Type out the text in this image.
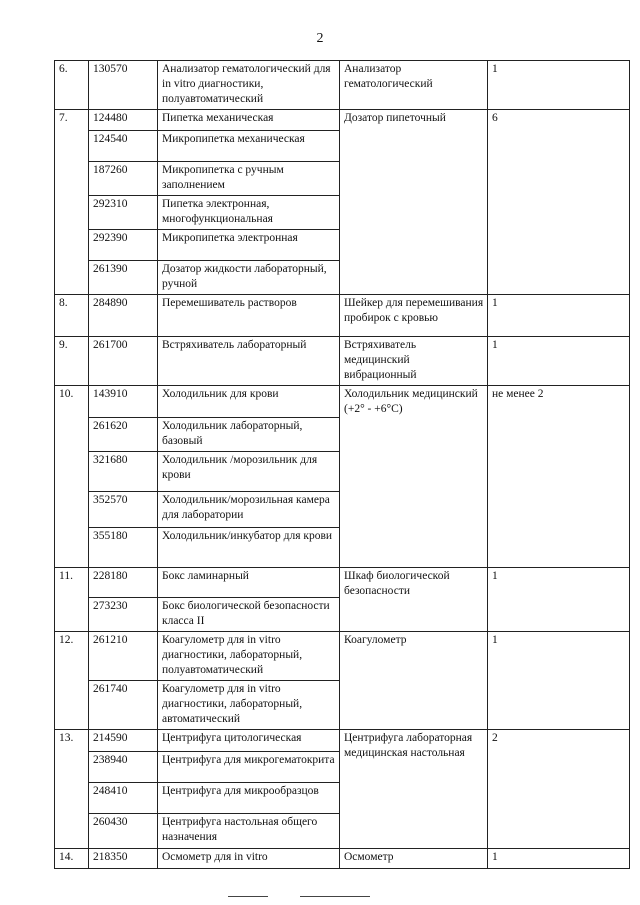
2
6.	130570	Анализатор гематологический для in vitro диагностики, полуавтоматический	Анализатор гематологический	1
7.	124480	Пипетка механическая	Дозатор пипеточный	6
	124540	Микропипетка механическая		
	187260	Микропипетка с ручным заполнением		
	292310	Пипетка электронная, многофункциональная		
	292390	Микропипетка электронная		
	261390	Дозатор жидкости лабораторный, ручной		
8.	284890	Перемешиватель растворов	Шейкер для перемешивания пробирок с кровью	1
9.	261700	Встряхиватель лабораторный	Встряхиватель медицинский вибрационный	1
10.	143910	Холодильник для крови	Холодильник медицинский (+2° - +6°С)	не менее 2
	261620	Холодильник лабораторный, базовый		
	321680	Холодильник /морозильник для крови		
	352570	Холодильник/морозильная камера для лаборатории		
	355180	Холодильник/инкубатор для крови		
11.	228180	Бокс ламинарный	Шкаф биологической безопасности	1
	273230	Бокс биологической безопасности класса II		
12.	261210	Коагулометр для in vitro диагностики, лабораторный, полуавтоматический	Коагулометр	1
	261740	Коагулометр для in vitro диагностики, лабораторный, автоматический		
13.	214590	Центрифуга цитологическая	Центрифуга лабораторная медицинская настольная	2
	238940	Центрифуга для микрогематокрита		
	248410	Центрифуга для микрообразцов		
	260430	Центрифуга настольная общего назначения		
14.	218350	Осмометр для in vitro	Осмометр	1
